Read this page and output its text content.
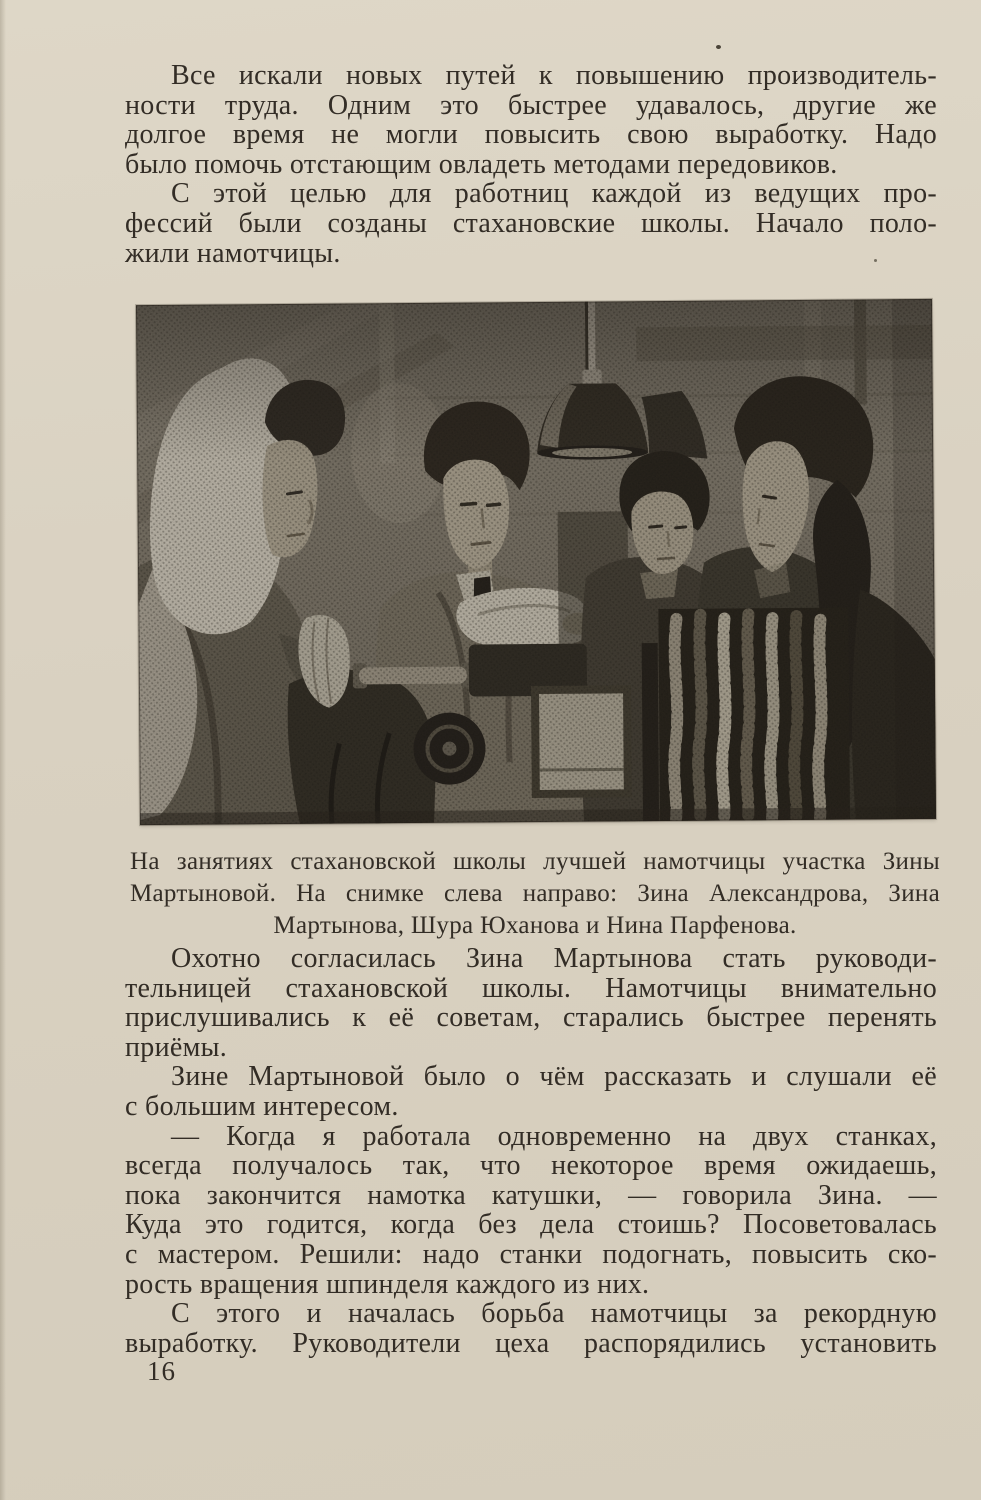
Все искали новых путей к повышению производитель-
ности труда. Одним это быстрее удавалось, другие же
долгое время не могли повысить свою выработку. Надо
было помочь отстающим овладеть методами передовиков.

С этой целью для работниц каждой из ведущих про-
фессий были созданы стахановские школы. Начало поло-
жили намотчицы.

На занятиях стахановской школы лучшей намотчицы участка Зины
Мартыновой. На снимке слева направо: Зина Александрова, Зина
Мартынова, Шура Юханова и Нина Парфенова.

Охотно согласилась Зина Мартынова стать руководи-
тельницей стахановской школы. Намотчицы внимательно
прислушивались к её советам, старались быстрее перенять
приёмы.

Зине Мартыновой было о чём рассказать и слушали её
с большим интересом.

— Когда я работала одновременно на двух станках,
всегда получалось так, что некоторое время ожидаешь,
пока закончится намотка катушки, — говорила Зина. —
Куда это годится, когда без дела стоишь? Посоветовалась
с мастером. Решили: надо станки подогнать, повысить ско-
рость вращения шпинделя каждого из них.

С этого и началась борьба намотчицы за рекордную
выработку. Руководители цеха распорядились установить

16
